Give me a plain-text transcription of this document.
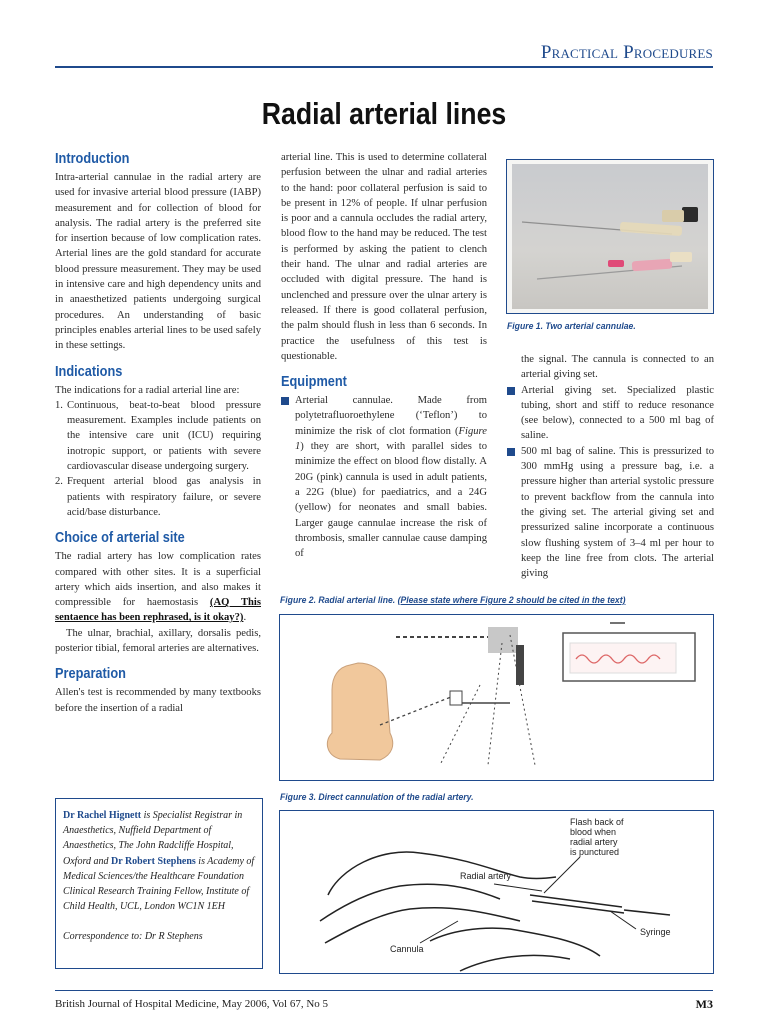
Practical Procedures
Radial arterial lines
Introduction

Intra-arterial cannulae in the radial artery are used for invasive arterial blood pressure (IABP) measurement and for collection of blood for analysis. The radial artery is the preferred site for insertion because of low complication rates. Arterial lines are the gold standard for accurate blood pressure measurement. They may be used in intensive care and high dependency units and in anaesthetized patients undergoing surgical procedures. An understanding of basic principles enables arterial lines to be used safely in these settings.

Indications

The indications for a radial arterial line are:

1. Continuous, beat-to-beat blood pressure measurement. Examples include patients on the intensive care unit (ICU) requiring inotropic support, or patients with severe cardiovascular disease undergoing surgery.
2. Frequent arterial blood gas analysis in patients with respiratory failure, or severe acid/base disturbance.
Choice of arterial site

The radial artery has low complication rates compared with other sites. It is a superficial artery which aids insertion, and also makes it compressible for haemostasis (AQ This sentaence has been rephrased, is it okay?).

The ulnar, brachial, axillary, dorsalis pedis, posterior tibial, femoral arteries are alternatives.

Preparation

Allen's test is recommended by many textbooks before the insertion of a radial

arterial line. This is used to determine collateral perfusion between the ulnar and radial arteries to the hand: poor collateral perfusion is said to be present in 12% of people. If ulnar perfusion is poor and a cannula occludes the radial artery, blood flow to the hand may be reduced. The test is performed by asking the patient to clench their hand. The ulnar and radial arteries are occluded with digital pressure. The hand is unclenched and pressure over the ulnar artery is released. If there is good collateral perfusion, the palm should flush in less than 6 seconds. In practice the usefulness of this test is questionable.

Equipment

Arterial cannulae. Made from polytetrafluoroethylene (‘Teflon’) to minimize the risk of clot formation (Figure 1) they are short, with parallel sides to minimize the effect on blood flow distally. A 20G (pink) cannula is used in adult patients, a 22G (blue) for paediatrics, and a 24G (yellow) for neonates and small babies. Larger gauge cannulae increase the risk of thrombosis, smaller cannulae cause damping of

Figure 1. Two arterial cannulae.

the signal. The cannula is connected to an arterial giving set.

Arterial giving set. Specialized plastic tubing, short and stiff to reduce resonance (see below), connected to a 500 ml bag of saline.

500 ml bag of saline. This is pressurized to 300 mmHg using a pressure bag, i.e. a pressure higher than arterial systolic pressure to prevent backflow from the cannula into the giving set. The arterial giving set and pressurized saline incorporate a continuous slow flushing system of 3–4 ml per hour to keep the line free from clots. The arterial giving

Figure 2. Radial arterial line. (Please state where Figure 2 should be cited in the text)
Figure 3. Direct cannulation of the radial artery.
Flash back of
blood when
radial artery
is punctured
Radial artery
Cannula
Syringe
Dr Rachel Hignett is Specialist Registrar in Anaesthetics, Nuffield Department of Anaesthetics, The John Radcliffe Hospital, Oxford and Dr Robert Stephens is Academy of Medical Sciences/the Healthcare Foundation Clinical Research Training Fellow, Institute of Child Health, UCL, London WC1N 1EH
Correspondence to: Dr R Stephens
British Journal of Hospital Medicine, May 2006, Vol 67, No 5	M3
